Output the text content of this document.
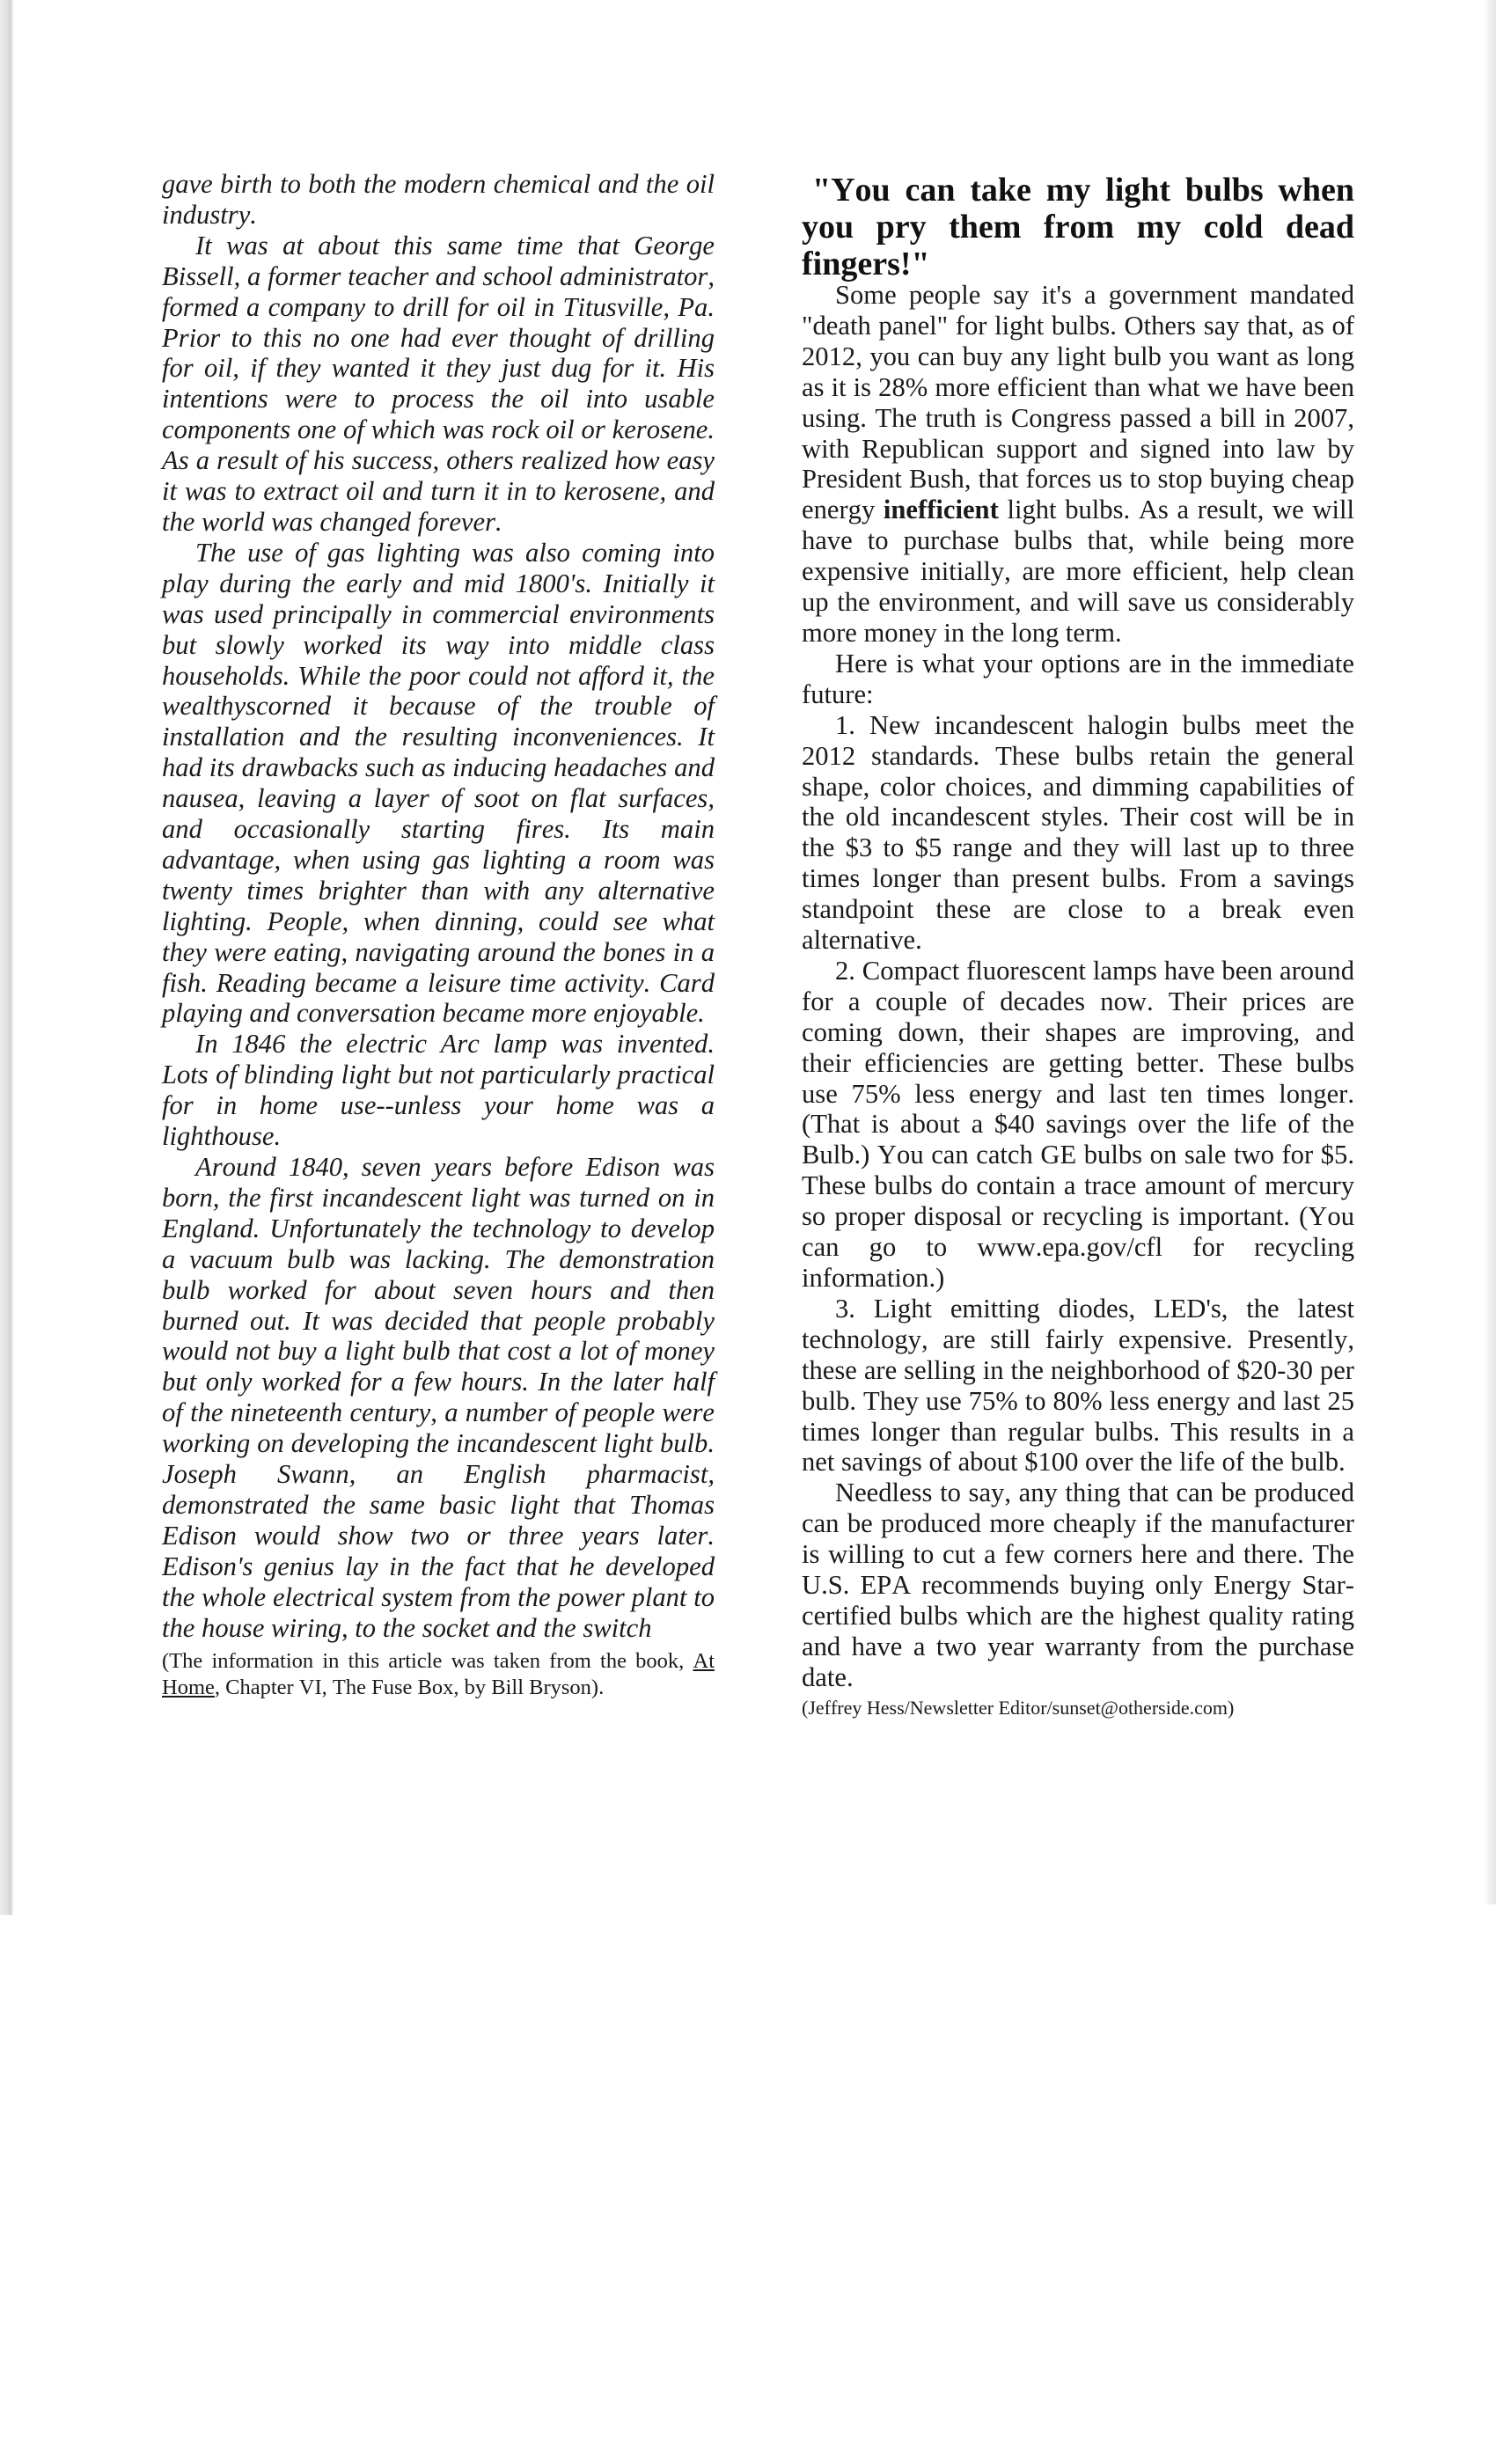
gave birth to both the modern chemical and the oil industry.

It was at about this same time that George Bissell, a former teacher and school administrator, formed a company to drill for oil in Titusville, Pa. Prior to this no one had ever thought of drilling for oil, if they wanted it they just dug for it. His intentions were to process the oil into usable components one of which was rock oil or kerosene. As a result of his success, others realized how easy it was to extract oil and turn it in to kerosene, and the world was changed forever.

The use of gas lighting was also coming into play during the early and mid 1800's. Initially it was used principally in commercial environments but slowly worked its way into middle class households. While the poor could not afford it, the wealthyscorned it because of the trouble of installation and the resulting inconveniences. It had its drawbacks such as inducing headaches and nausea, leaving a layer of soot on flat surfaces, and occasionally starting fires. Its main advantage, when using gas lighting a room was twenty times brighter than with any alternative lighting. People, when dinning, could see what they were eating, navigating around the bones in a fish. Reading became a leisure time activity. Card playing and conversation became more enjoyable.

In 1846 the electric Arc lamp was invented. Lots of blinding light but not particularly practical for in home use--unless your home was a lighthouse.

Around 1840, seven years before Edison was born, the first incandescent light was turned on in England. Unfortunately the technology to develop a vacuum bulb was lacking. The demonstration bulb worked for about seven hours and then burned out. It was decided that people probably would not buy a light bulb that cost a lot of money but only worked for a few hours. In the later half of the nineteenth century, a number of people were working on developing the incandescent light bulb. Joseph Swann, an English pharmacist, demonstrated the same basic light that Thomas Edison would show two or three years later. Edison's genius lay in the fact that he developed the whole electrical system from the power plant to the house wiring, to the socket and the switch

(The information in this article was taken from the book, At Home, Chapter VI, The Fuse Box, by Bill Bryson).

"You can take my light bulbs when you pry them from my cold dead fingers!"

Some people say it's a government mandated "death panel" for light bulbs. Others say that, as of 2012, you can buy any light bulb you want as long as it is 28% more efficient than what we have been using. The truth is Congress passed a bill in 2007, with Republican support and signed into law by President Bush, that forces us to stop buying cheap energy inefficient light bulbs. As a result, we will have to purchase bulbs that, while being more expensive initially, are more efficient, help clean up the environment, and will save us considerably more money in the long term.

Here is what your options are in the immediate future:

1. New incandescent halogin bulbs meet the 2012 standards. These bulbs retain the general shape, color choices, and dimming capabilities of the old incandescent styles. Their cost will be in the $3 to $5 range and they will last up to three times longer than present bulbs. From a savings standpoint these are close to a break even alternative.

2. Compact fluorescent lamps have been around for a couple of decades now. Their prices are coming down, their shapes are improving, and their efficiencies are getting better. These bulbs use 75% less energy and last ten times longer. (That is about a $40 savings over the life of the Bulb.) You can catch GE bulbs on sale two for $5. These bulbs do contain a trace amount of mercury so proper disposal or recycling is important. (You can go to www.epa.gov/cfl for recycling information.)

3. Light emitting diodes, LED's, the latest technology, are still fairly expensive. Presently, these are selling in the neighborhood of $20-30 per bulb. They use 75% to 80% less energy and last 25 times longer than regular bulbs. This results in a net savings of about $100 over the life of the bulb.

Needless to say, any thing that can be produced can be produced more cheaply if the manufacturer is willing to cut a few corners here and there. The U.S. EPA recommends buying only Energy Star-certified bulbs which are the highest quality rating and have a two year warranty from the purchase date.

(Jeffrey Hess/Newsletter Editor/sunset@otherside.com)
